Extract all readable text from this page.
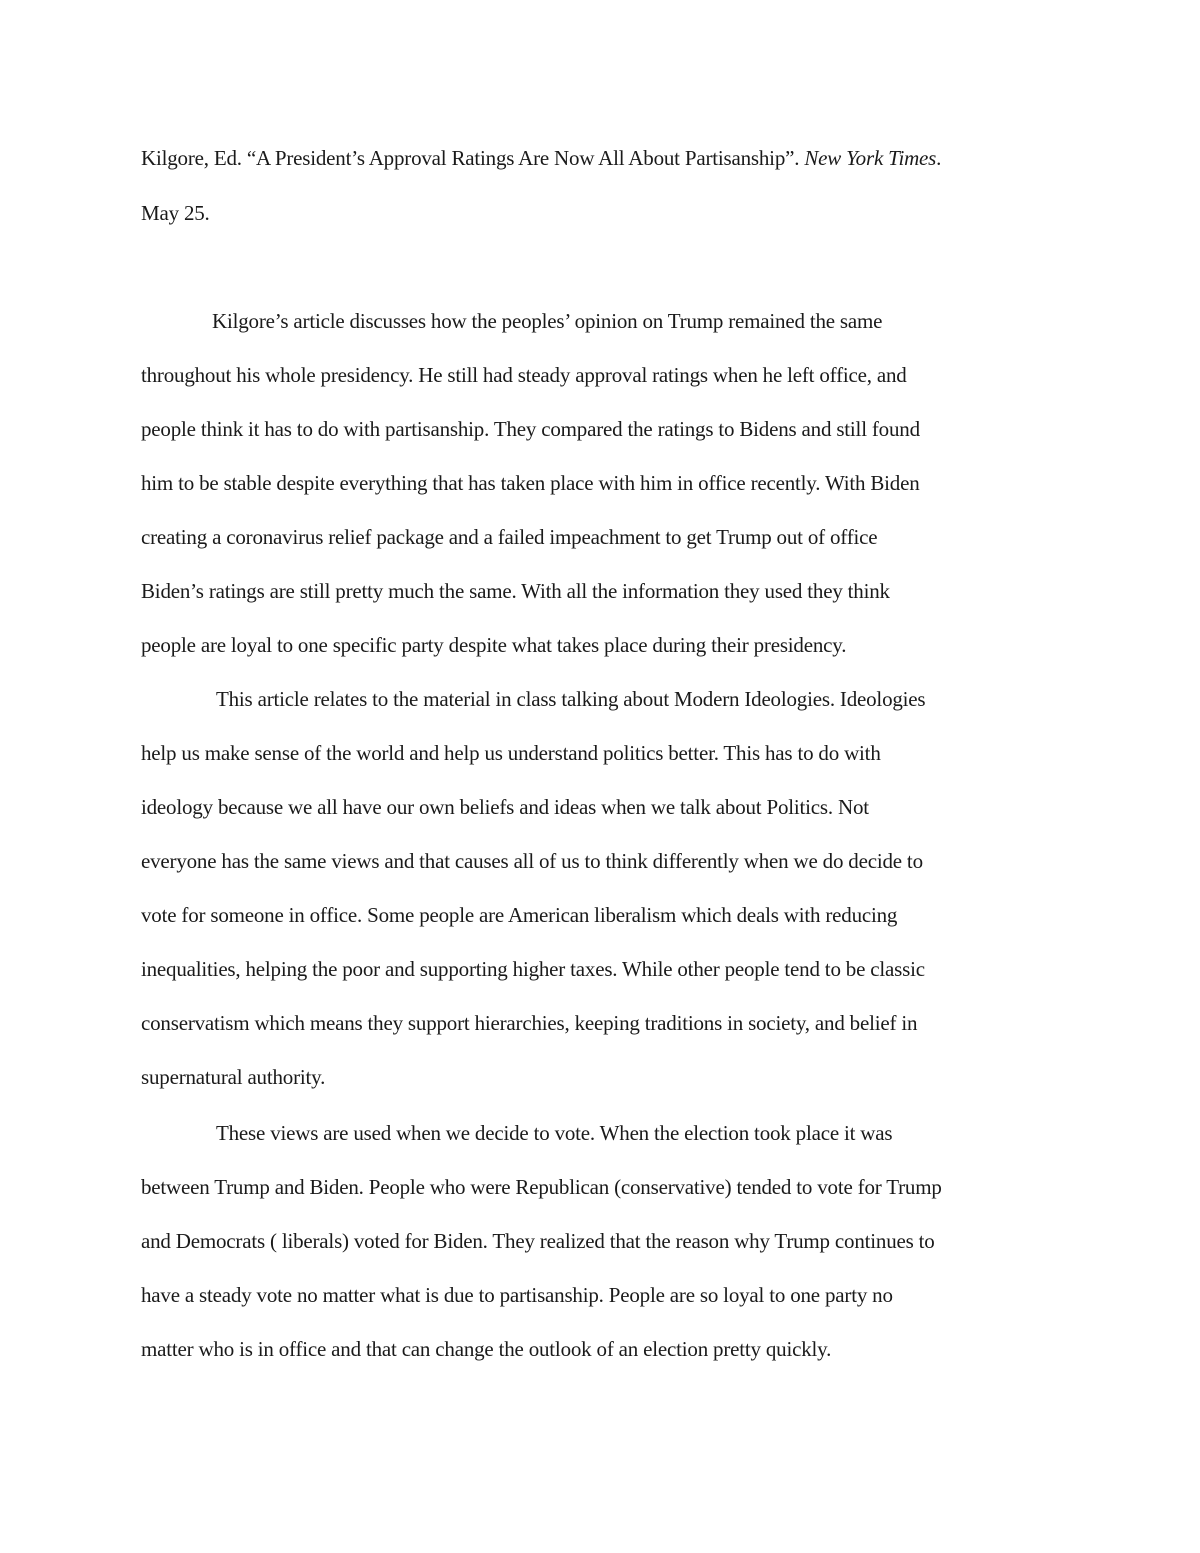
Kilgore, Ed. “A President’s Approval Ratings Are Now All About Partisanship”. New York Times.
May 25.
Kilgore’s article discusses how the peoples’ opinion on Trump remained the same
throughout his whole presidency. He still had steady approval ratings when he left office, and
people think it has to do with partisanship. They compared the ratings to Bidens and still found
him to be stable despite everything that has taken place with him in office recently. With Biden
creating a coronavirus relief package and a failed impeachment to get Trump out of office
Biden’s ratings are still pretty much the same. With all the information they used they think
people are loyal to one specific party despite what takes place during their presidency.
This article relates to the material in class talking about Modern Ideologies. Ideologies
help us make sense of the world and help us understand politics better. This has to do with
ideology because we all have our own beliefs and ideas when we talk about Politics. Not
everyone has the same views and that causes all of us to think differently when we do decide to
vote for someone in office. Some people are American liberalism which deals with reducing
inequalities, helping the poor and supporting higher taxes. While other people tend to be classic
conservatism which means they support hierarchies, keeping traditions in society, and belief in
supernatural authority.
These views are used when we decide to vote. When the election took place it was
between Trump and Biden. People who were Republican (conservative) tended to vote for Trump
and Democrats ( liberals) voted for Biden. They realized that the reason why Trump continues to
have a steady vote no matter what is due to partisanship. People are so loyal to one party no
matter who is in office and that can change the outlook of an election pretty quickly.
